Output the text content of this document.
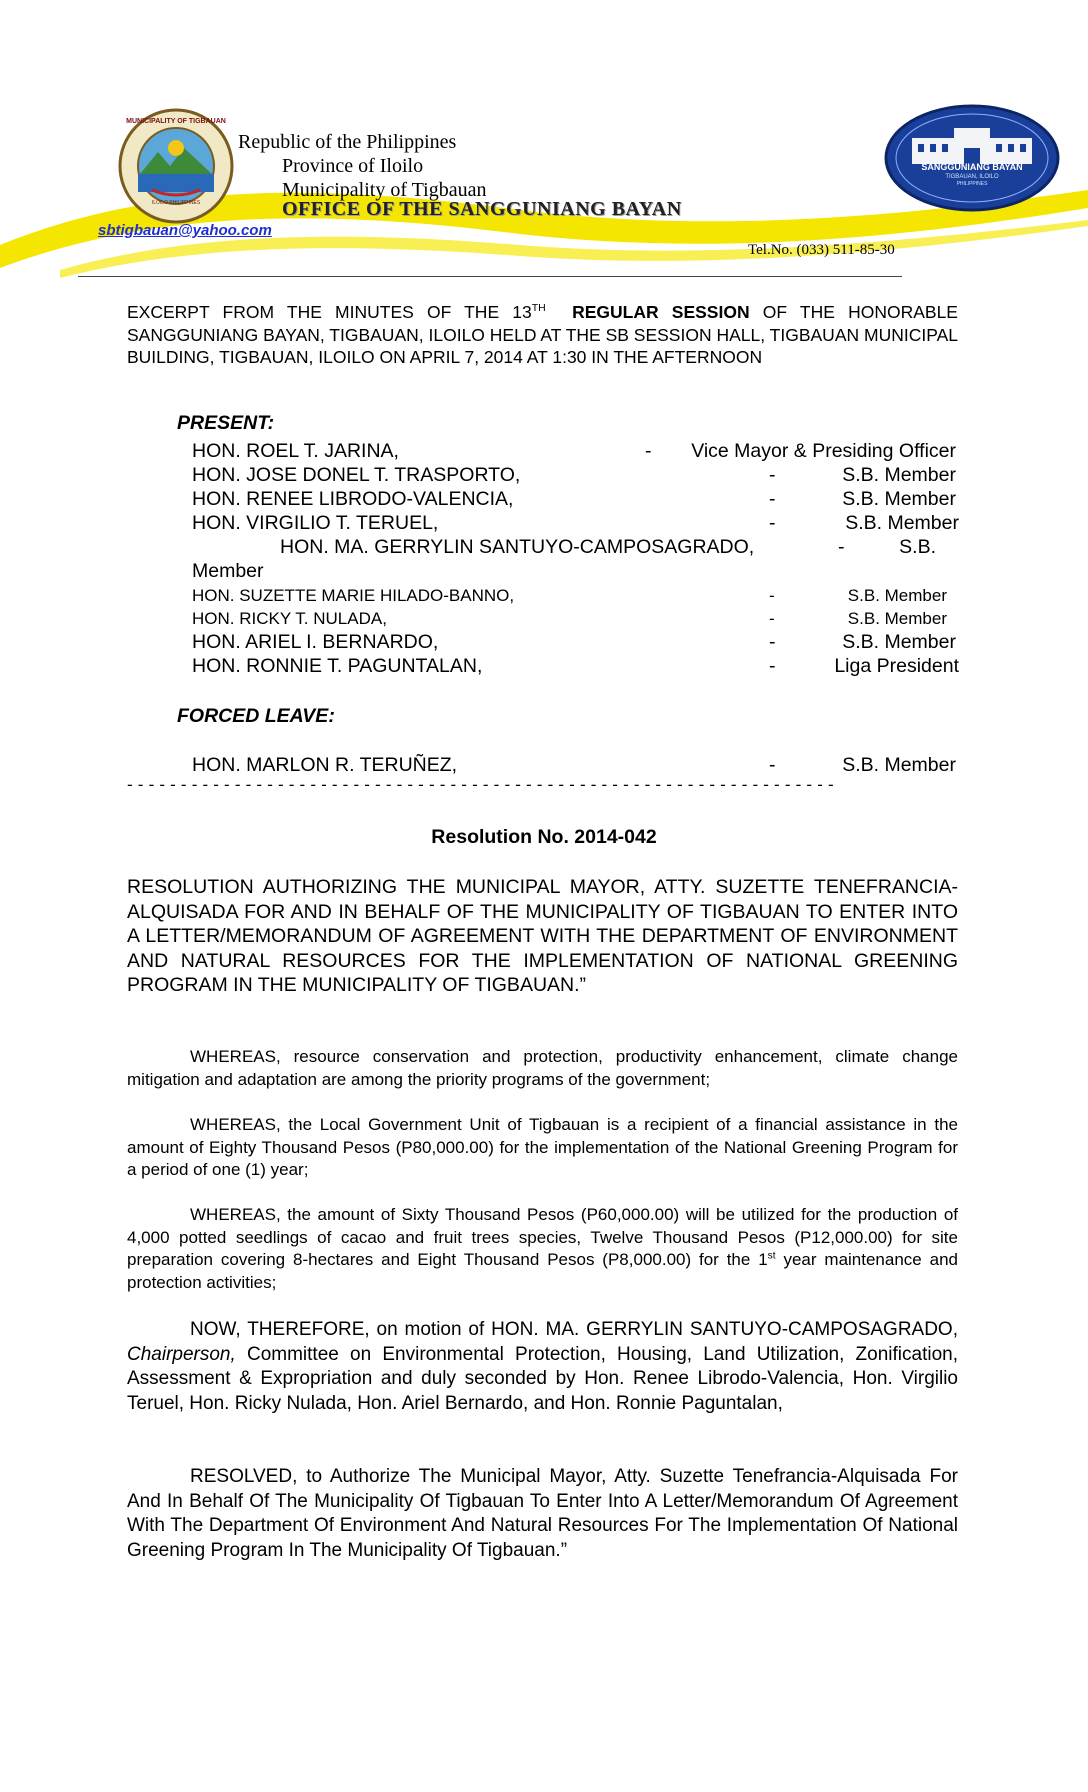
MUNICIPALITY OF TIGBAUAN
ILOILO PHILIPPINES
SANGGUNIANG BAYAN
TIGBAUAN, ILOILO
PHILIPPINES
Republic of the Philippines
Province of Iloilo
Municipality of Tigbauan
OFFICE OF THE SANGGUNIANG BAYAN
sbtigbauan@yahoo.com
Tel.No. (033) 511-85-30
EXCERPT FROM THE MINUTES OF THE 13TH REGULAR SESSION OF THE HONORABLE SANGGUNIANG BAYAN, TIGBAUAN, ILOILO HELD AT THE SB SESSION HALL, TIGBAUAN MUNICIPAL BUILDING, TIGBAUAN, ILOILO ON APRIL 7, 2014 AT 1:30 IN THE AFTERNOON
PRESENT:
HON. ROEL T. JARINA,	- Vice Mayor & Presiding Officer
HON. JOSE DONEL T. TRASPORTO,	-	S.B. Member
HON. RENEE LIBRODO-VALENCIA,	-	S.B. Member
HON. VIRGILIO T. TERUEL,	-	S.B. Member
HON. MA. GERRYLIN SANTUYO-CAMPOSAGRADO,	-	S.B.
Member
HON. SUZETTE MARIE HILADO-BANNO,	-	S.B. Member
HON. RICKY T. NULADA,	-	S.B. Member
HON. ARIEL I. BERNARDO,	-	S.B. Member
HON. RONNIE T. PAGUNTALAN,	-	Liga President
FORCED LEAVE:
HON. MARLON R. TERUÑEZ,	-	S.B. Member
- - - - - - - - - - - - - - - - - - - - - - - - - - - - - - - - - - - - - - - - - - - - - - - - - - - - - - - - - - - - - - - - - -
Resolution No. 2014-042
RESOLUTION AUTHORIZING THE MUNICIPAL MAYOR, ATTY. SUZETTE TENEFRANCIA-ALQUISADA FOR AND IN BEHALF OF THE MUNICIPALITY OF TIGBAUAN TO ENTER INTO A LETTER/MEMORANDUM OF AGREEMENT WITH THE DEPARTMENT OF ENVIRONMENT AND NATURAL RESOURCES FOR THE IMPLEMENTATION OF NATIONAL GREENING PROGRAM IN THE MUNICIPALITY OF TIGBAUAN.”
WHEREAS, resource conservation and protection, productivity enhancement, climate change mitigation and adaptation are among the priority programs of the government;
WHEREAS, the Local Government Unit of Tigbauan is a recipient of a financial assistance in the amount of Eighty Thousand Pesos (P80,000.00) for the implementation of the National Greening Program for a period of one (1) year;
WHEREAS, the amount of Sixty Thousand Pesos (P60,000.00) will be utilized for the production of 4,000 potted seedlings of cacao and fruit trees species, Twelve Thousand Pesos (P12,000.00) for site preparation covering 8-hectares and Eight Thousand Pesos (P8,000.00) for the 1st year maintenance and protection activities;
NOW, THEREFORE, on motion of HON. MA. GERRYLIN SANTUYO-CAMPOSAGRADO, Chairperson, Committee on Environmental Protection, Housing, Land Utilization, Zonification, Assessment & Expropriation and duly seconded by Hon. Renee Librodo-Valencia, Hon. Virgilio Teruel, Hon. Ricky Nulada, Hon. Ariel Bernardo, and Hon. Ronnie Paguntalan,
RESOLVED, to Authorize The Municipal Mayor, Atty. Suzette Tenefrancia-Alquisada For And In Behalf Of The Municipality Of Tigbauan To Enter Into A Letter/Memorandum Of Agreement With The Department Of Environment And Natural Resources For The Implementation Of National Greening Program In The Municipality Of Tigbauan.”
